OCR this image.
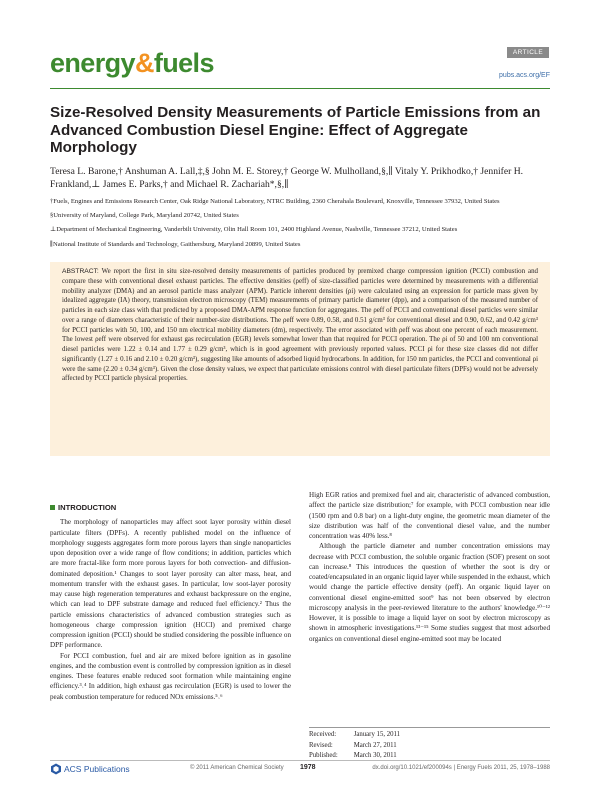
energy&fuels	ARTICLE
pubs.acs.org/EF
Size-Resolved Density Measurements of Particle Emissions from an Advanced Combustion Diesel Engine: Effect of Aggregate Morphology
Teresa L. Barone,† Anshuman A. Lall,‡,§ John M. E. Storey,† George W. Mulholland,§,∥ Vitaly Y. Prikhodko,† Jennifer H. Frankland,⊥ James E. Parks,† and Michael R. Zachariah*,§,∥
†Fuels, Engines and Emissions Research Center, Oak Ridge National Laboratory, NTRC Building, 2360 Cherahala Boulevard, Knoxville, Tennessee 37932, United States
§University of Maryland, College Park, Maryland 20742, United States
⊥Department of Mechanical Engineering, Vanderbilt University, Olin Hall Room 101, 2400 Highland Avenue, Nashville, Tennessee 37212, United States
∥National Institute of Standards and Technology, Gaithersburg, Maryland 20899, United States
ABSTRACT: We report the first in situ size-resolved density measurements of particles produced by premixed charge compression ignition (PCCI) combustion and compare these with conventional diesel exhaust particles. The effective densities (ρeff) of size-classified particles were determined by measurements with a differential mobility analyzer (DMA) and an aerosol particle mass analyzer (APM). Particle inherent densities (ρi) were calculated using an expression for particle mass given by idealized aggregate (IA) theory, transmission electron microscopy (TEM) measurements of primary particle diameter (dpp), and a comparison of the measured number of particles in each size class with that predicted by a proposed DMA-APM response function for aggregates. The ρeff of PCCI and conventional diesel particles were similar over a range of diameters characteristic of their number-size distributions. The ρeff were 0.89, 0.58, and 0.51 g/cm³ for conventional diesel and 0.90, 0.62, and 0.42 g/cm³ for PCCI particles with 50, 100, and 150 nm electrical mobility diameters (dm), respectively. The error associated with ρeff was about one percent of each measurement. The lowest ρeff were observed for exhaust gas recirculation (EGR) levels somewhat lower than that required for PCCI operation. The ρi of 50 and 100 nm conventional diesel particles were 1.22 ± 0.14 and 1.77 ± 0.29 g/cm³, which is in good agreement with previously reported values. PCCI ρi for these size classes did not differ significantly (1.27 ± 0.16 and 2.10 ± 0.20 g/cm³), suggesting like amounts of adsorbed liquid hydrocarbons. In addition, for 150 nm particles, the PCCI and conventional ρi were the same (2.20 ± 0.34 g/cm³). Given the close density values, we expect that particulate emissions control with diesel particulate filters (DPFs) would not be adversely affected by PCCI particle physical properties.
INTRODUCTION

The morphology of nanoparticles may affect soot layer porosity within diesel particulate filters (DPFs). A recently published model on the influence of morphology suggests aggregates form more porous layers than single nanoparticles upon deposition over a wide range of flow conditions; in addition, particles which are more fractal-like form more porous layers for both convection- and diffusion-dominated deposition.¹ Changes to soot layer porosity can alter mass, heat, and momentum transfer with the exhaust gases. In particular, low soot-layer porosity may cause high regeneration temperatures and exhaust backpressure on the engine, which can lead to DPF substrate damage and reduced fuel efficiency.² Thus the particle emissions characteristics of advanced combustion strategies such as homogeneous charge compression ignition (HCCI) and premixed charge compression ignition (PCCI) should be studied considering the possible influence on DPF performance.

For PCCI combustion, fuel and air are mixed before ignition as in gasoline engines, and the combustion event is controlled by compression ignition as in diesel engines. These features enable reduced soot formation while maintaining engine efficiency.³˒⁴ In addition, high exhaust gas recirculation (EGR) is used to lower the peak combustion temperature for reduced NOx emissions.⁵˒⁶

High EGR ratios and premixed fuel and air, characteristic of advanced combustion, affect the particle size distribution;⁷ for example, with PCCI combustion near idle (1500 rpm and 0.8 bar) on a light-duty engine, the geometric mean diameter of the size distribution was half of the conventional diesel value, and the number concentration was 40% less.⁸

Although the particle diameter and number concentration emissions may decrease with PCCI combustion, the soluble organic fraction (SOF) present on soot can increase.⁸ This introduces the question of whether the soot is dry or coated/encapsulated in an organic liquid layer while suspended in the exhaust, which would change the particle effective density (ρeff). An organic liquid layer on conventional diesel engine-emitted soot⁹ has not been observed by electron microscopy analysis in the peer-reviewed literature to the authors' knowledge.¹⁰⁻¹² However, it is possible to image a liquid layer on soot by electron microscopy as shown in atmospheric investigations.¹³⁻¹⁵ Some studies suggest that most adsorbed organics on conventional diesel engine-emitted soot may be located

Received:	January 15, 2011
Revised:	March 27, 2011
Published:	March 30, 2011
ACS Publications	© 2011 American Chemical Society 1978	dx.doi.org/10.1021/ef200094s | Energy Fuels 2011, 25, 1978–1988
